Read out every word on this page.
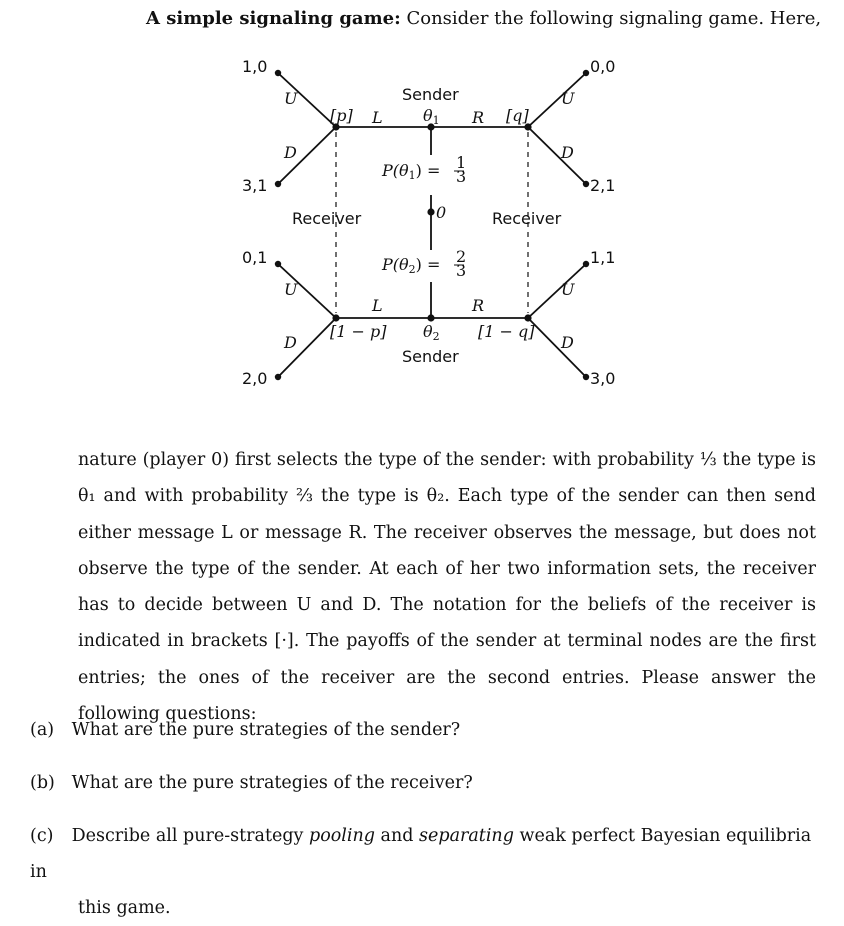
A simple signaling game: Consider the following signaling game. Here,
1,0
3,1
0,1
2,0
0,0
2,1
1,1
3,0
U
D
U
D
U
D
U
D
[p]	[q]
[1 − p]	[1 − q]
L	R
L	R
Sender
θ1
θ2
Sender
Receiver	Receiver
0
P(θ1) = 1
3
P(θ2) = 2
3
nature (player 0) first selects the type of the sender: with probability ⅓ the type is θ₁ and with probability ⅔ the type is θ₂. Each type of the sender can then send either message L or message R. The receiver observes the message, but does not observe the type of the sender. At each of her two information sets, the receiver has to decide between U and D. The notation for the beliefs of the receiver is indicated in brackets [·]. The payoffs of the sender at terminal nodes are the first entries; the ones of the receiver are the second entries. Please answer the following questions:
(a) What are the pure strategies of the sender?
(b) What are the pure strategies of the receiver?
(c) Describe all pure-strategy pooling and separating weak perfect Bayesian equilibria in
this game.
